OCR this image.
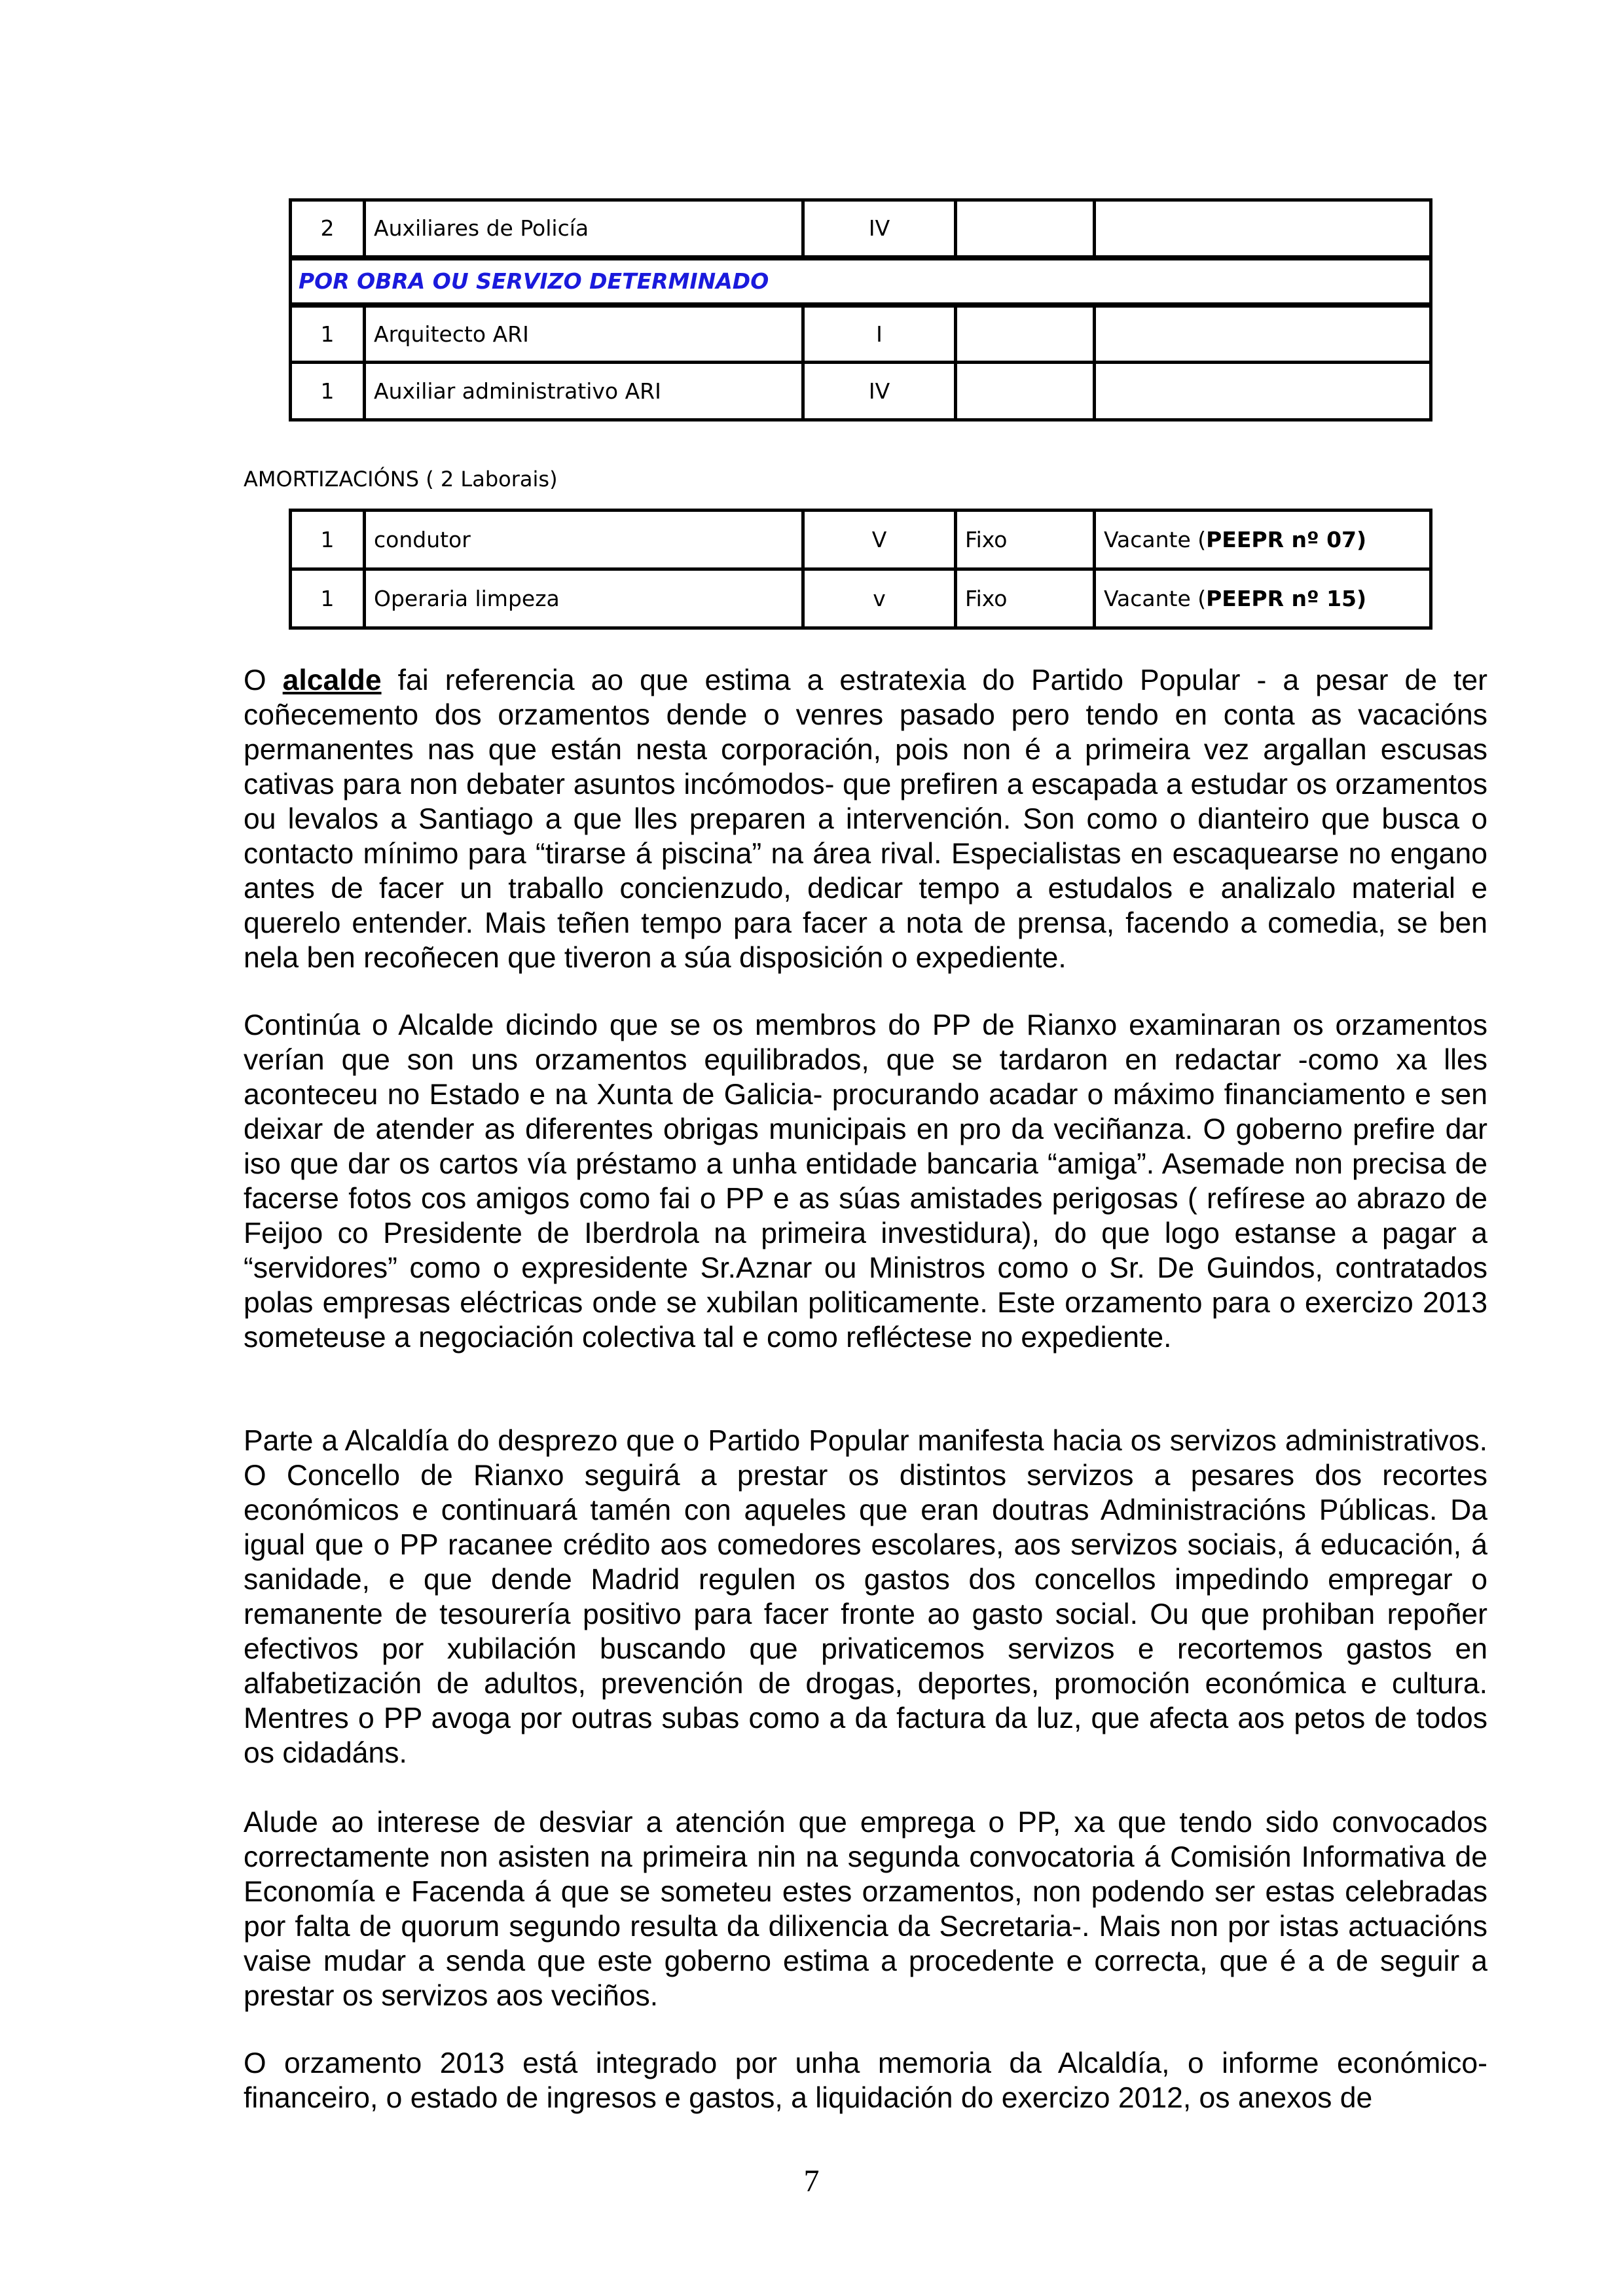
2	Auxiliares de Policía	IV		
POR OBRA OU SERVIZO DETERMINADO				
1	Arquitecto ARI	I		
1	Auxiliar administrativo ARI	IV		
AMORTIZACIÓNS ( 2 Laborais)
1	condutor	V	Fixo	Vacante (PEEPR nº 07)
1	Operaria limpeza	v	Fixo	Vacante (PEEPR nº 15)

O alcalde fai referencia ao que estima a estratexia do Partido Popular - a pesar de ter coñecemento dos orzamentos dende o venres pasado pero tendo en conta as vacacións permanentes nas que están nesta corporación, pois non é a primeira vez argallan escusas cativas para non debater asuntos incómodos- que prefiren a escapada a estudar os orzamentos ou levalos a Santiago a que lles preparen a intervención. Son como o dianteiro que busca o contacto mínimo para “tirarse á piscina” na área rival. Especialistas en escaquearse no engano antes de facer un traballo concienzudo, dedicar tempo a estudalos e analizalo material e querelo entender. Mais teñen tempo para facer a nota de prensa, facendo a comedia, se ben nela ben recoñecen que tiveron a súa disposición o expediente.

Continúa o Alcalde dicindo que se os membros do PP de Rianxo examinaran os orzamentos verían que son uns orzamentos equilibrados, que se tardaron en redactar -como xa lles aconteceu no Estado e na Xunta de Galicia- procurando acadar o máximo financiamento e sen deixar de atender as diferentes obrigas municipais en pro da veciñanza. O goberno prefire dar iso que dar os cartos vía préstamo a unha entidade bancaria “amiga”. Asemade non precisa de facerse fotos cos amigos como fai o PP e as súas amistades perigosas ( refírese ao abrazo de Feijoo co Presidente de Iberdrola na primeira investidura), do que logo estanse a pagar a “servidores” como o expresidente Sr.Aznar ou Ministros como o Sr. De Guindos, contratados polas empresas eléctricas onde se xubilan politicamente. Este orzamento para o exercizo 2013 someteuse a negociación colectiva tal e como refléctese no expediente.

Parte a Alcaldía do desprezo que o Partido Popular manifesta hacia os servizos administrativos. O Concello de Rianxo seguirá a prestar os distintos servizos a pesares dos recortes económicos e continuará tamén con aqueles que eran doutras Administracións Públicas. Da igual que o PP racanee crédito aos comedores escolares, aos servizos sociais, á educación, á sanidade, e que dende Madrid regulen os gastos dos concellos impedindo empregar o remanente de tesourería positivo para facer fronte ao gasto social. Ou que prohiban repoñer efectivos por xubilación buscando que privaticemos servizos e recortemos gastos en alfabetización de adultos, prevención de drogas, deportes, promoción económica e cultura. Mentres o PP avoga por outras subas como a da factura da luz, que afecta aos petos de todos os cidadáns.

Alude ao interese de desviar a atención que emprega o PP, xa que tendo sido convocados correctamente non asisten na primeira nin na segunda convocatoria á Comisión Informativa de Economía e Facenda á que se someteu estes orzamentos, non podendo ser estas celebradas por falta de quorum segundo resulta da dilixencia da Secretaria-. Mais non por istas actuacións vaise mudar a senda que este goberno estima a procedente e correcta, que é a de seguir a prestar os servizos aos veciños.

O orzamento 2013 está integrado por unha memoria da Alcaldía, o informe económico-financeiro, o estado de ingresos e gastos, a liquidación do exercizo 2012, os anexos de

7
